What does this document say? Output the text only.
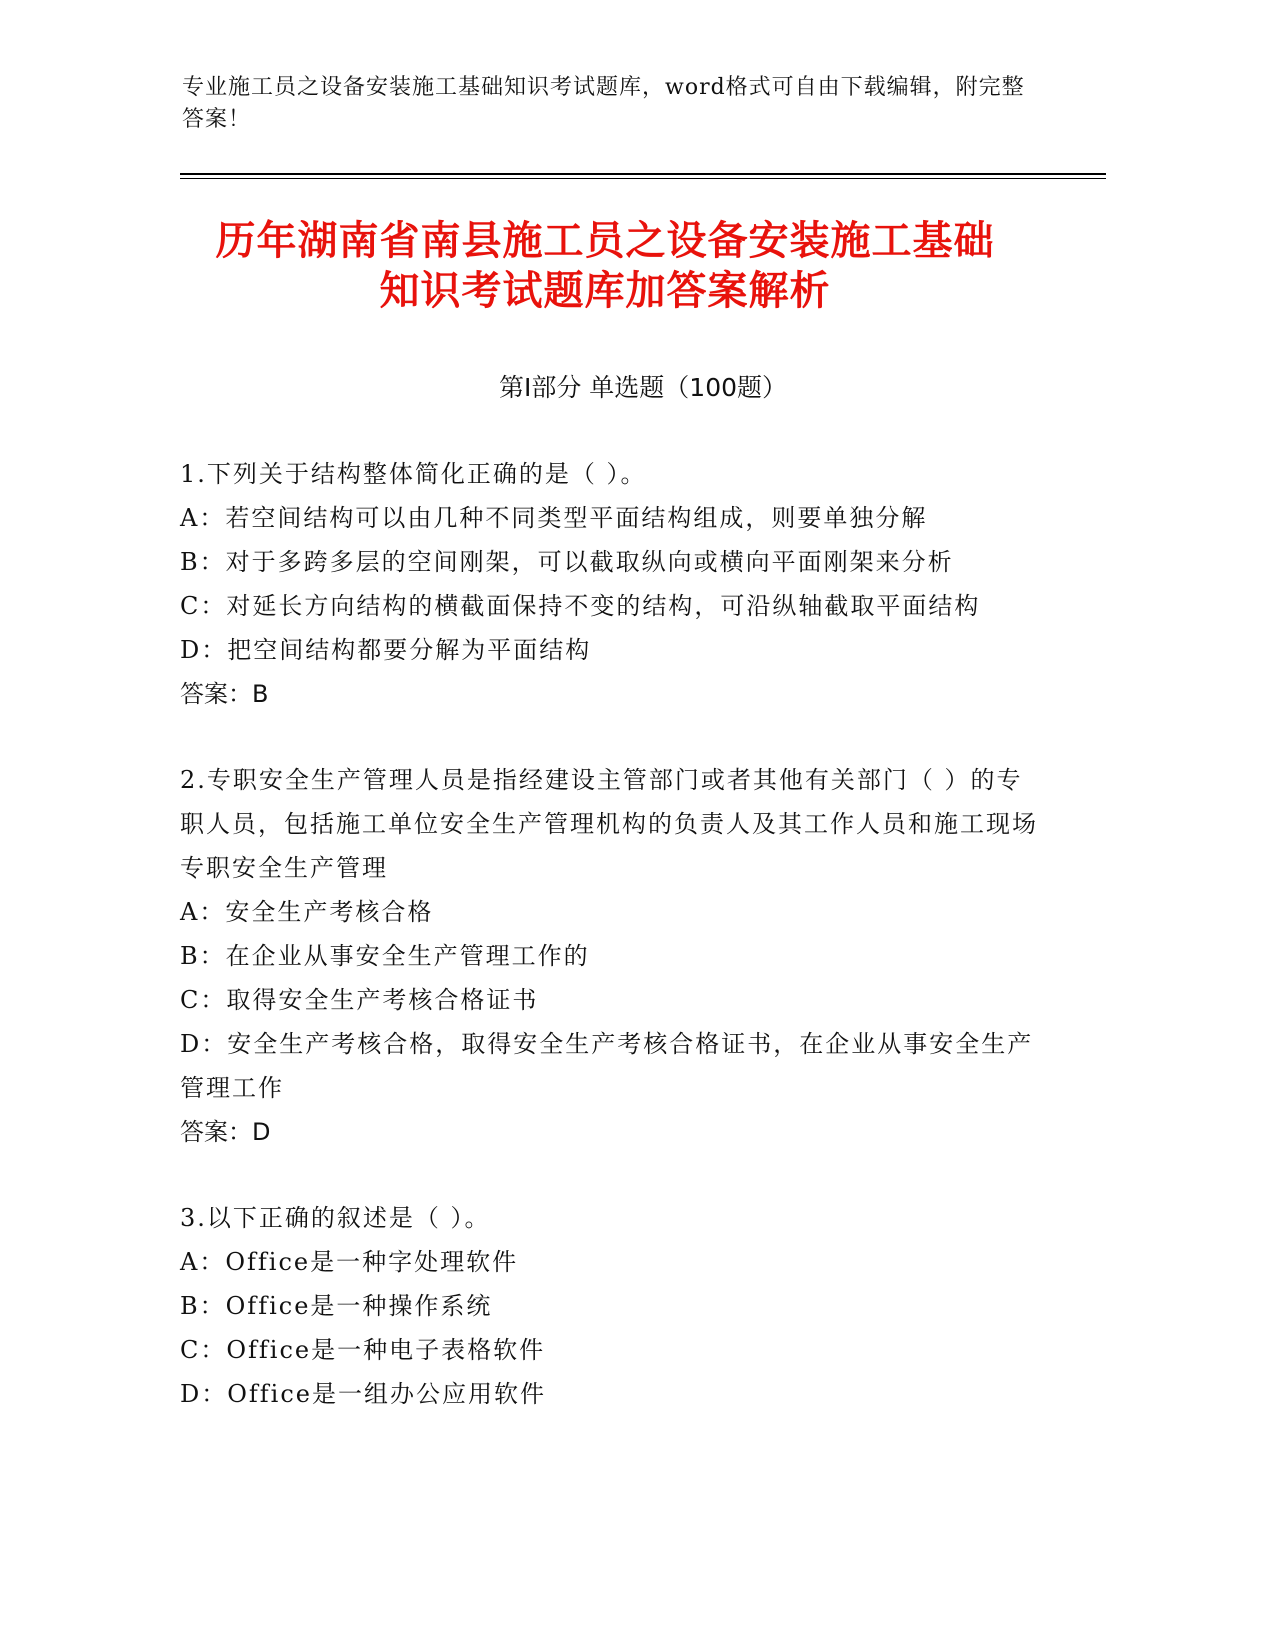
专业施工员之设备安装施工基础知识考试题库，word格式可自由下载编辑，附完整答案！
历年湖南省南县施工员之设备安装施工基础
知识考试题库加答案解析
第Ⅰ部分 单选题（100题）

1.下列关于结构整体简化正确的是（ ）。

A：若空间结构可以由几种不同类型平面结构组成，则要单独分解

B：对于多跨多层的空间刚架，可以截取纵向或横向平面刚架来分析

C：对延长方向结构的横截面保持不变的结构，可沿纵轴截取平面结构

D：把空间结构都要分解为平面结构

答案：B

2.专职安全生产管理人员是指经建设主管部门或者其他有关部门（ ）的专职人员，包括施工单位安全生产管理机构的负责人及其工作人员和施工现场专职安全生产管理

A：安全生产考核合格

B：在企业从事安全生产管理工作的

C：取得安全生产考核合格证书

D：安全生产考核合格，取得安全生产考核合格证书，在企业从事安全生产管理工作

答案：D

3.以下正确的叙述是（ ）。

A：Office是一种字处理软件

B：Office是一种操作系统

C：Office是一种电子表格软件

D：Office是一组办公应用软件
